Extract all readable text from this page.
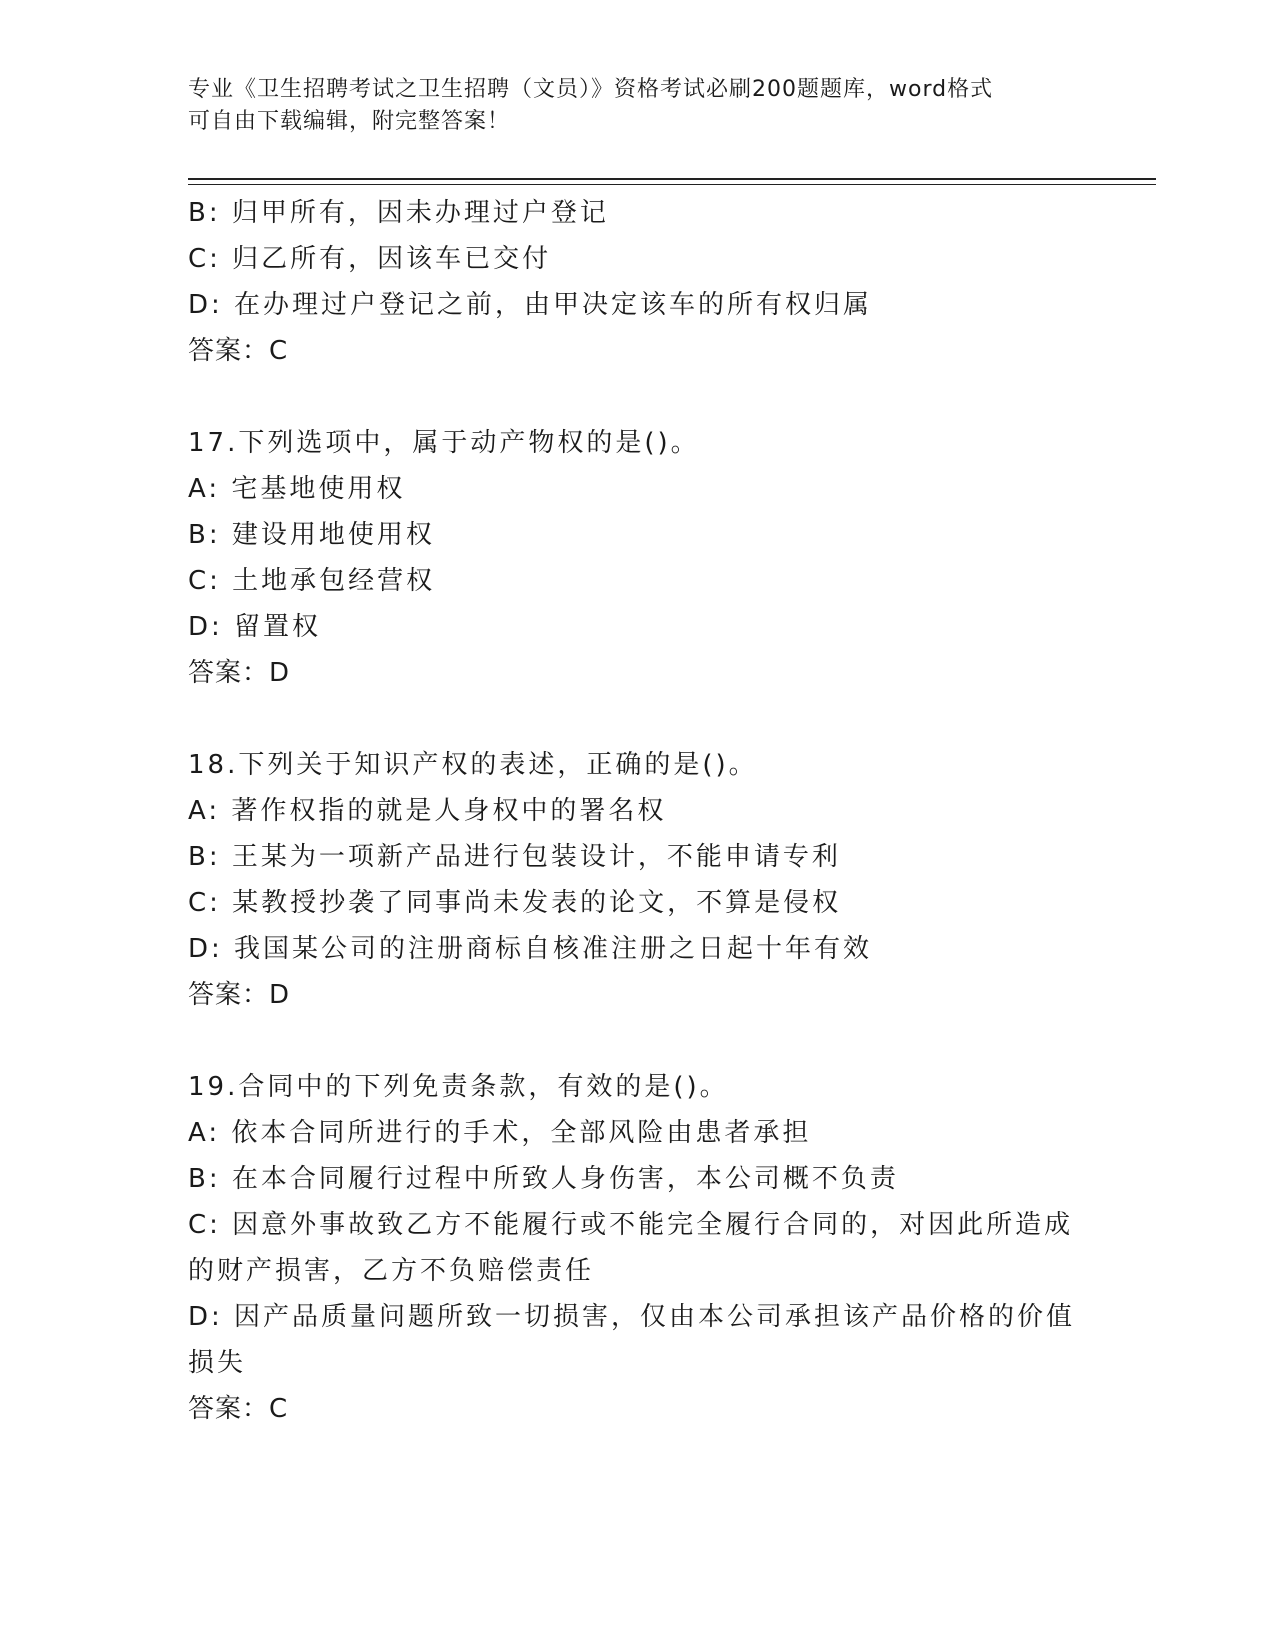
专业《卫生招聘考试之卫生招聘（文员）》资格考试必刷200题题库，word格式
可自由下载编辑，附完整答案！
B: 归甲所有，因未办理过户登记
C: 归乙所有，因该车已交付
D: 在办理过户登记之前，由甲决定该车的所有权归属
答案：C
17.下列选项中，属于动产物权的是()。
A: 宅基地使用权
B: 建设用地使用权
C: 土地承包经营权
D: 留置权
答案：D
18.下列关于知识产权的表述，正确的是()。
A: 著作权指的就是人身权中的署名权
B: 王某为一项新产品进行包装设计，不能申请专利
C: 某教授抄袭了同事尚未发表的论文，不算是侵权
D: 我国某公司的注册商标自核准注册之日起十年有效
答案：D
19.合同中的下列免责条款，有效的是()。
A: 依本合同所进行的手术，全部风险由患者承担
B: 在本合同履行过程中所致人身伤害，本公司概不负责
C: 因意外事故致乙方不能履行或不能完全履行合同的，对因此所造成
的财产损害，乙方不负赔偿责任
D: 因产品质量问题所致一切损害，仅由本公司承担该产品价格的价值
损失
答案：C
